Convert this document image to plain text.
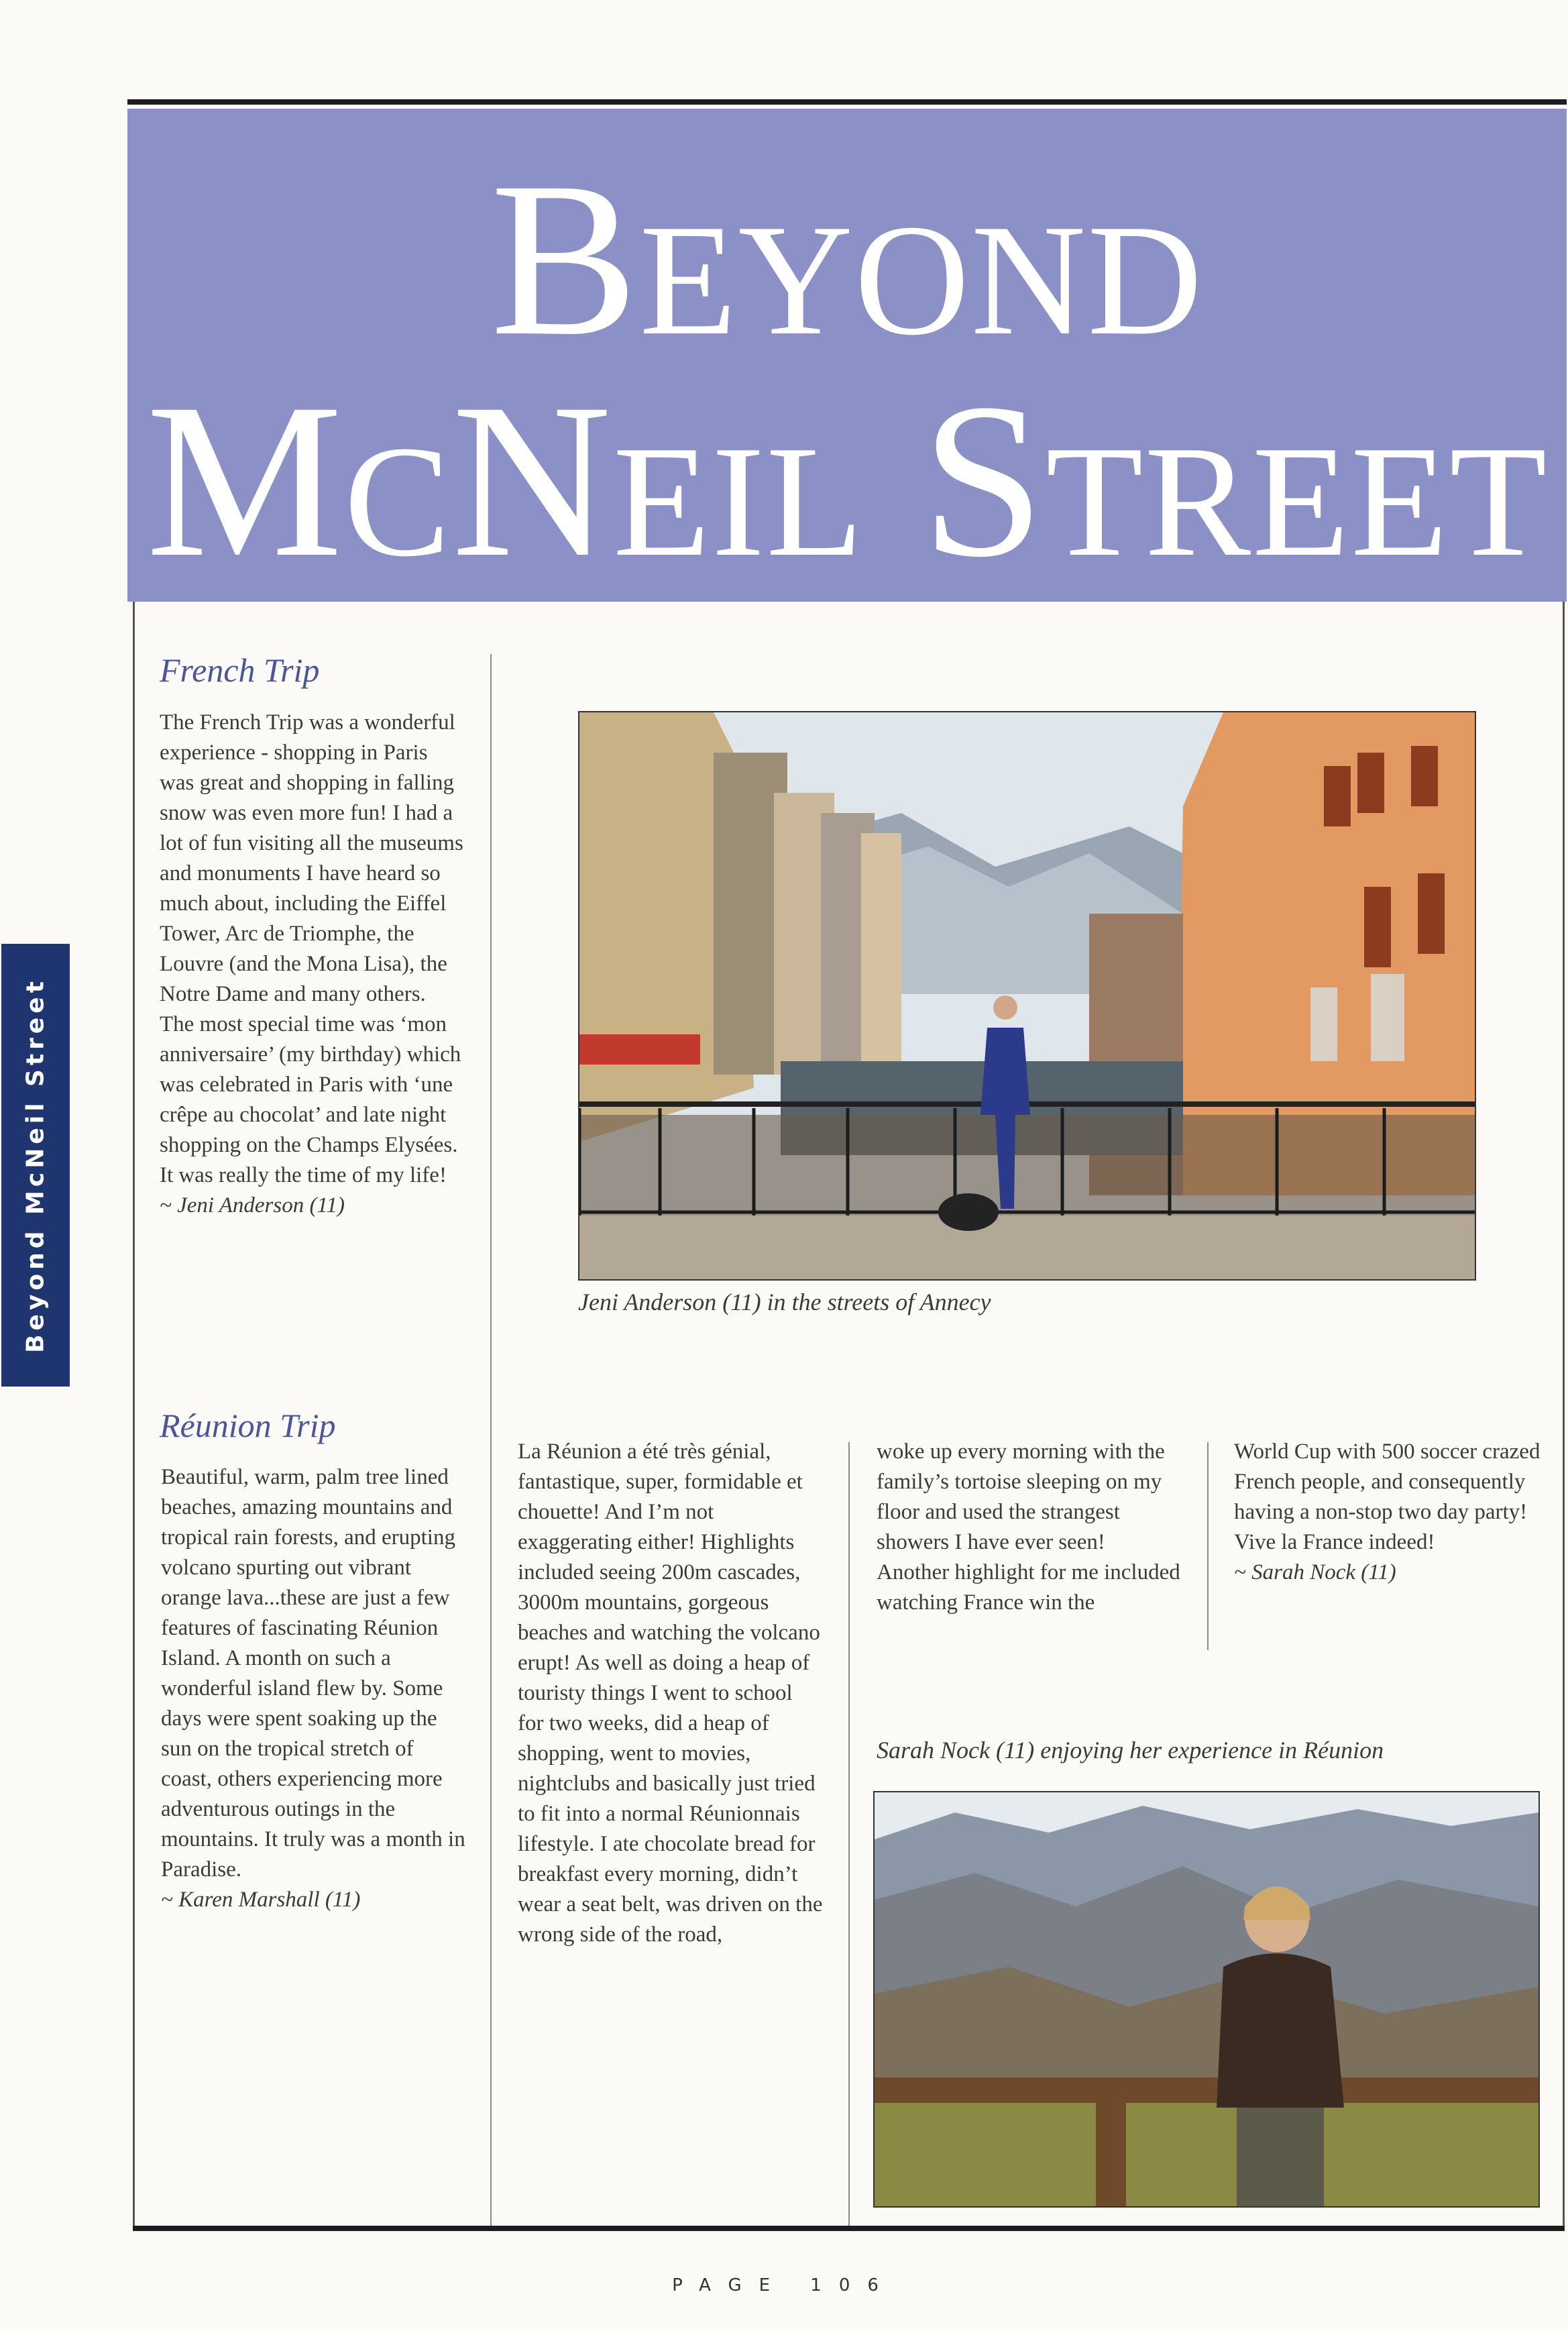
BEYOND
MCNEIL STREET
Beyond McNeil Street
French Trip

The French Trip was a wonderful experience - shopping in Paris was great and shopping in falling snow was even more fun! I had a lot of fun visiting all the museums and monuments I have heard so much about, including the Eiffel Tower, Arc de Triomphe, the Louvre (and the Mona Lisa), the Notre Dame and many others. The most special time was ‘mon anniversaire’ (my birthday) which was celebrated in Paris with ‘une crêpe au chocolat’ and late night shopping on the Champs Elysées. It was really the time of my life!

~ Jeni Anderson (11)

Jeni Anderson (11) in the streets of Annecy
Réunion Trip

Beautiful, warm, palm tree lined beaches, amazing mountains and tropical rain forests, and erupting volcano spurting out vibrant orange lava...these are just a few features of fascinating Réunion Island. A month on such a wonderful island flew by. Some days were spent soaking up the sun on the tropical stretch of coast, others experiencing more adventurous outings in the mountains. It truly was a month in Paradise.

~ Karen Marshall (11)

La Réunion a été très génial, fantastique, super, formidable et chouette! And I’m not exaggerating either! Highlights included seeing 200m cascades, 3000m mountains, gorgeous beaches and watching the volcano erupt! As well as doing a heap of touristy things I went to school for two weeks, did a heap of shopping, went to movies, nightclubs and basically just tried to fit into a normal Réunionnais lifestyle. I ate chocolate bread for breakfast every morning, didn’t wear a seat belt, was driven on the wrong side of the road,
woke up every morning with the family’s tortoise sleeping on my floor and used the strangest showers I have ever seen! Another highlight for me included watching France win the

World Cup with 500 soccer crazed French people, and consequently having a non-stop two day party! Vive la France indeed!

~ Sarah Nock (11)

Sarah Nock (11) enjoying her experience in Réunion
PAGE 106
